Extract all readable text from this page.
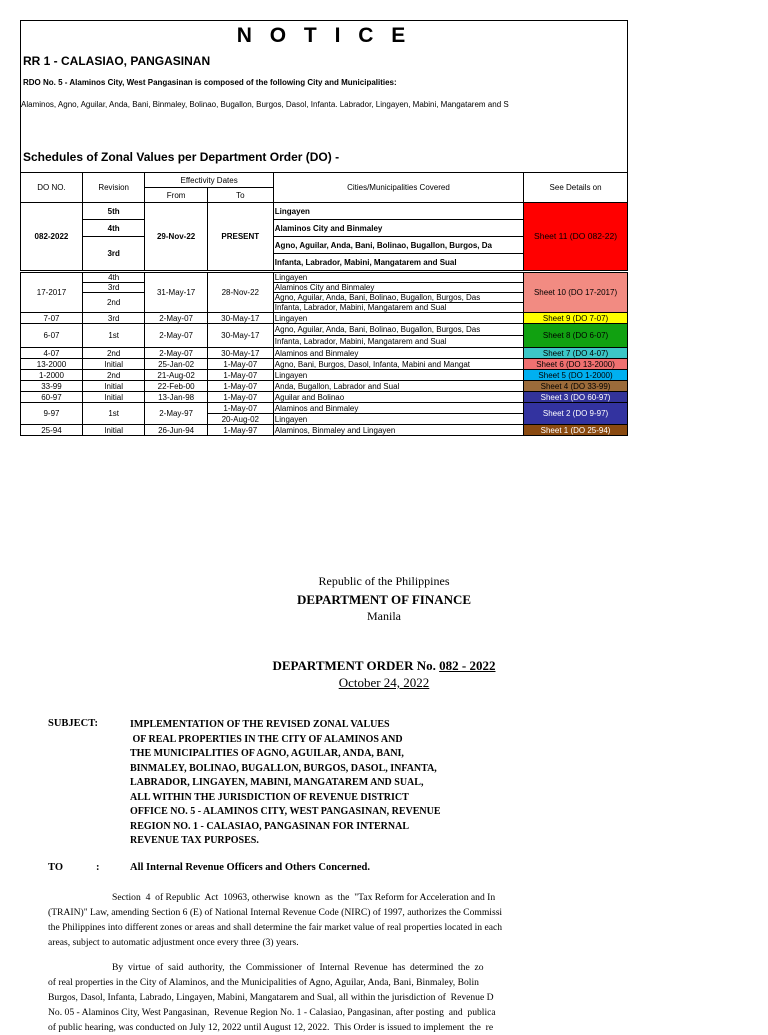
N O T I C E
RR 1 - CALASIAO, PANGASINAN
RDO No. 5 - Alaminos City, West Pangasinan is composed of the following City and Municipalities:
Alaminos, Agno, Aguilar, Anda, Bani, Binmaley, Bolinao, Bugallon, Burgos, Dasol, Infanta. Labrador, Lingayen, Mabini, Mangatarem and S
Schedules of Zonal Values per Department Order (DO) -
DO NO.	Revision	Effectivity Dates		Cities/Municipalities Covered	See Details on
		From	To		
082-2022	5th	29-Nov-22	PRESENT	Lingayen	Sheet 11 (DO 082-22)
	4th			Alaminos City and Binmaley	
	3rd			Agno, Aguilar, Anda, Bani, Bolinao, Bugallon, Burgos, Da	
				Infanta, Labrador, Mabini, Mangatarem and Sual	

17-2017	4th	31-May-17	28-Nov-22	Lingayen	Sheet 10 (DO 17-2017)
	3rd			Alaminos City and Binmaley	
	2nd			Agno, Aguilar, Anda, Bani, Bolinao, Bugallon, Burgos, Das	
				Infanta, Labrador, Mabini, Mangatarem and Sual	
7-07	3rd	2-May-07	30-May-17	Lingayen	Sheet 9 (DO 7-07)
6-07	1st	2-May-07	30-May-17	Agno, Aguilar, Anda, Bani, Bolinao, Bugallon, Burgos, Das	Sheet 8 (DO 6-07)
				Infanta, Labrador, Mabini, Mangatarem and Sual	
4-07	2nd	2-May-07	30-May-17	Alaminos and Binmaley	Sheet 7 (DO 4-07)
13-2000	Initial	25-Jan-02	1-May-07	Agno, Bani, Burgos, Dasol, Infanta, Mabini and Mangat	Sheet 6 (DO 13-2000)
1-2000	2nd	21-Aug-02	1-May-07	Lingayen	Sheet 5 (DO 1-2000)
33-99	Initial	22-Feb-00	1-May-07	Anda, Bugallon, Labrador and Sual	Sheet 4 (DO 33-99)
60-97	Initial	13-Jan-98	1-May-07	Aguilar and Bolinao	Sheet 3 (DO 60-97)
9-97	1st	2-May-97	1-May-07	Alaminos and Binmaley	Sheet 2 (DO 9-97)
			20-Aug-02	Lingayen	
25-94	Initial	26-Jun-94	1-May-97	Alaminos, Binmaley and Lingayen	Sheet 1 (DO 25-94)
Republic of the Philippines
DEPARTMENT OF FINANCE
Manila
DEPARTMENT ORDER No. 082 - 2022
October 24, 2022
SUBJECT:	IMPLEMENTATION OF THE REVISED ZONAL VALUES
OF REAL PROPERTIES IN THE CITY OF ALAMINOS AND
THE MUNICIPALITIES OF AGNO, AGUILAR, ANDA, BANI,
BINMALEY, BOLINAO, BUGALLON, BURGOS, DASOL, INFANTA,
LABRADOR, LINGAYEN, MABINI, MANGATAREM AND SUAL,
ALL WITHIN THE JURISDICTION OF REVENUE DISTRICT
OFFICE NO. 5 - ALAMINOS CITY, WEST PANGASINAN, REVENUE
REGION NO. 1 - CALASIAO, PANGASINAN FOR INTERNAL
REVENUE TAX PURPOSES.
TO	:	All Internal Revenue Officers and Others Concerned.
Section  4  of Republic  Act  10963, otherwise  known  as  the  "Tax Reform for Acceleration and In
(TRAIN)" Law, amending Section 6 (E) of National Internal Revenue Code (NIRC) of 1997, authorizes the Commissi
the Philippines into different zones or areas and shall determine the fair market value of real properties located in each
areas, subject to automatic adjustment once every three (3) years.
By  virtue  of  said  authority,  the  Commissioner  of  Internal  Revenue  has  determined  the  zo
of real properties in the City of Alaminos, and the Municipalities of Agno, Aguilar, Anda, Bani, Binmaley, Bolin
Burgos, Dasol, Infanta, Labrado, Lingayen, Mabini, Mangatarem and Sual, all within the jurisdiction of  Revenue D
No. 05 - Alaminos City, West Pangasinan,  Revenue Region No. 1 - Calasiao, Pangasinan, after posting  and  publica
of public hearing, was conducted on July 12, 2022 until August 12, 2022.  This Order is issued to implement  the  re
